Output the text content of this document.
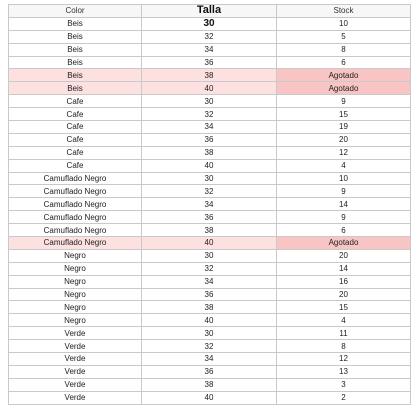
Color	Talla	Stock
Beis	30	10
Beis	32	5
Beis	34	8
Beis	36	6
Beis	38	Agotado
Beis	40	Agotado
Cafe	30	9
Cafe	32	15
Cafe	34	19
Cafe	36	20
Cafe	38	12
Cafe	40	4
Camuflado Negro	30	10
Camuflado Negro	32	9
Camuflado Negro	34	14
Camuflado Negro	36	9
Camuflado Negro	38	6
Camuflado Negro	40	Agotado
Negro	30	20
Negro	32	14
Negro	34	16
Negro	36	20
Negro	38	15
Negro	40	4
Verde	30	11
Verde	32	8
Verde	34	12
Verde	36	13
Verde	38	3
Verde	40	2
